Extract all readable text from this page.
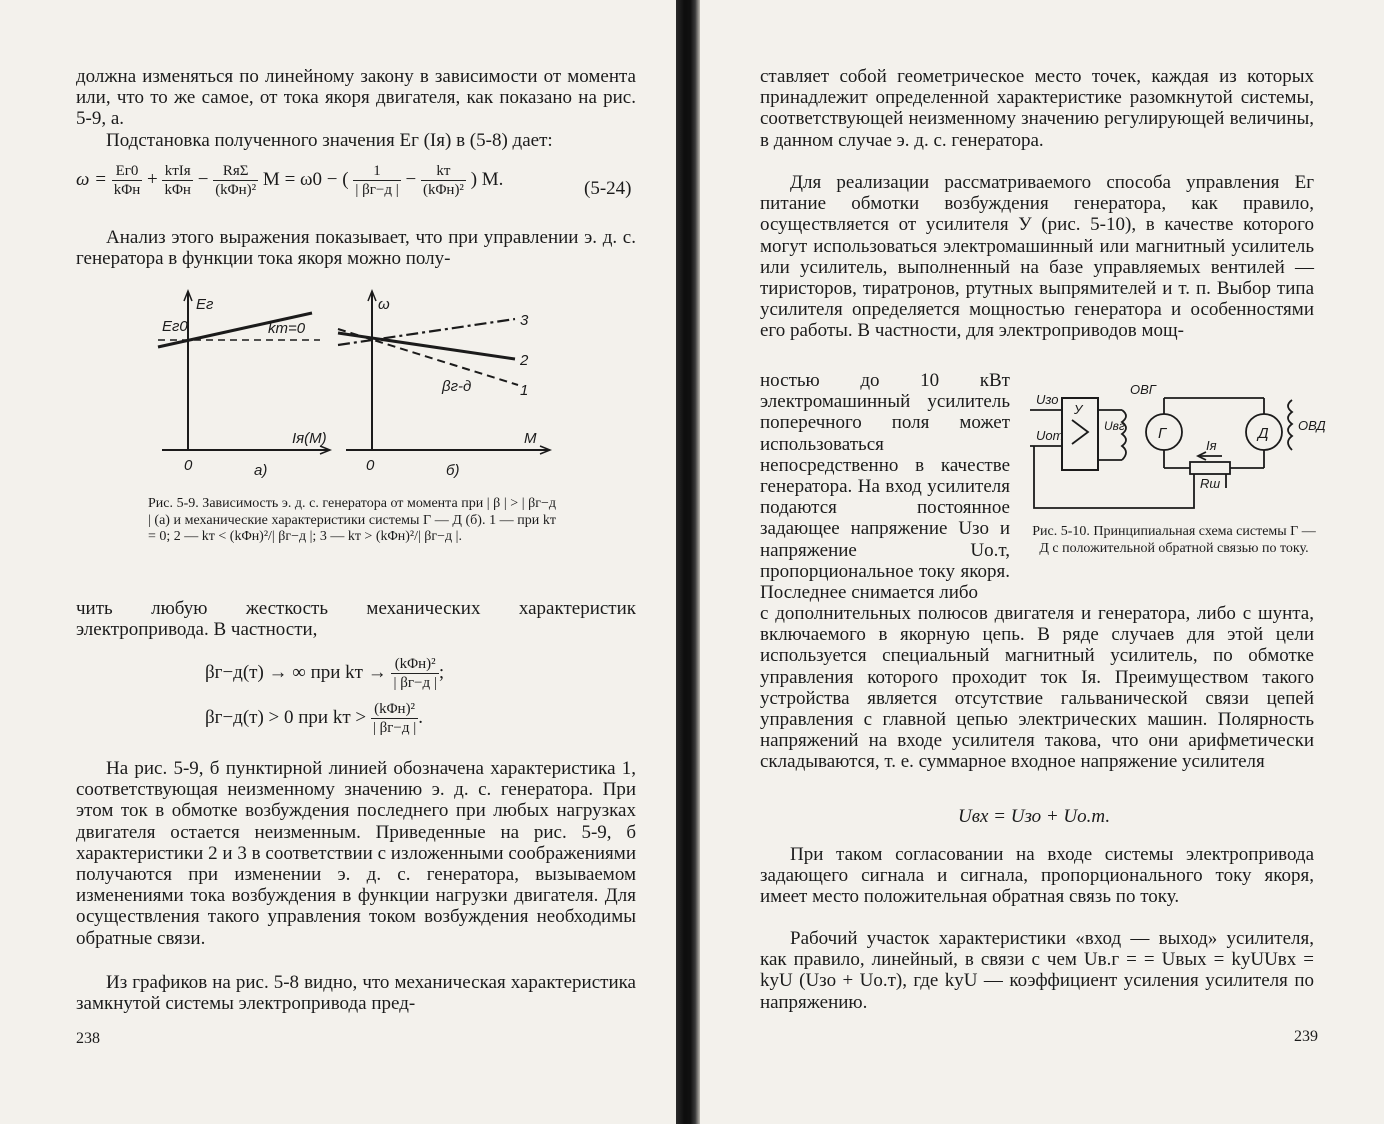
должна изменяться по линейному закону в зависимости от момента или, что то же самое, от тока якоря двигателя, как показано на рис. 5-9, а.

Подстановка полученного значения Eг (Iя) в (5-8) дает:

$\omega = \frac{Eг0}{\text{kΦн}} + \frac{\text{kтIя}}{\text{kΦн}} - \frac{\text{RяΣ}}{\text{(kΦн)²}}$ M = ω0 − ( $\frac{1}{| \beta г-д |} - \frac{kт}{\text{(kΦн)²}}$ ) M.	(5-24)

Анализ этого выражения показывает, что при управлении э. д. с. генератора в функции тока якоря можно полу-

Eг
Eг0	kт=0
Iя(M)
0	а)
ω
M
0	б)
βг-д	1
2
3
Рис. 5-9. Зависимость э. д. с. генератора от момента при | β | > | βг−д | (а) и механические характеристики системы Г — Д (б). 1 — при kт = 0; 2 — kт < (kΦн)²/| βг−д |; 3 — kт > (kΦн)²/| βг−д |.

чить любую жесткость механических характеристик электропривода. В частности,

βг−д(т) → ∞ при kт → $\frac{\text{(kΦн)²}}{| \beta г-д |}$ ;
βг−д(т) > 0 при kт > $\frac{\text{(kΦн)²}}{| \beta г-д |}$ .

На рис. 5-9, б пунктирной линией обозначена характеристика 1, соответствующая неизменному значению э. д. с. генератора. При этом ток в обмотке возбуждения последнего при любых нагрузках двигателя остается неизменным. Приведенные на рис. 5-9, б характеристики 2 и 3 в соответствии с изложенными соображениями получаются при изменении э. д. с. генератора, вызываемом изменениями тока возбуждения в функции нагрузки двигателя. Для осуществления такого управления током возбуждения необходимы обратные связи.

Из графиков на рис. 5-8 видно, что механическая характеристика замкнутой системы электропривода пред-

238

ставляет собой геометрическое место точек, каждая из которых принадлежит определенной характеристике разомкнутой системы, соответствующей неизменному значению регулирующей величины, в данном случае э. д. с. генератора.

Для реализации рассматриваемого способа управления Eг питание обмотки возбуждения генератора, как правило, осуществляется от усилителя У (рис. 5-10), в качестве которого могут использоваться электромашинный или магнитный усилитель или усилитель, выполненный на базе управляемых вентилей — тиристоров, тиратронов, ртутных выпрямителей и т. п. Выбор типа усилителя определяется мощностью генератора и особенностями его работы. В частности, для электроприводов мощ-

ностью до 10 кВт электромашинный усилитель поперечного поля может использоваться непосредственно в качестве генератора. На вход усилителя подаются постоянное задающее напряжение Uзо и напряжение Uо.т, пропорциональное току якоря. Последнее снимается либо

Uзо
Uот
У
Uвг
ОВГ
Г	Д ОВД
Iя
Rш
Рис. 5-10. Принципиальная схема системы Г — Д с положительной обратной связью по току.

с дополнительных полюсов двигателя и генератора, либо с шунта, включаемого в якорную цепь. В ряде случаев для этой цели используется специальный магнитный усилитель, по обмотке управления которого проходит ток Iя. Преимуществом такого устройства является отсутствие гальванической связи цепей управления с главной цепью электрических машин. Полярность напряжений на входе усилителя такова, что они арифметически складываются, т. е. суммарное входное напряжение усилителя

Uвх = Uзо + Uо.т.

При таком согласовании на входе системы электропривода задающего сигнала и сигнала, пропорционального току якоря, имеет место положительная обратная связь по току.

Рабочий участок характеристики «вход — выход» усилителя, как правило, линейный, в связи с чем Uв.г = = Uвых = kуUUвх = kуU (Uзо + Uо.т), где kуU — коэффициент усиления усилителя по напряжению.

239
